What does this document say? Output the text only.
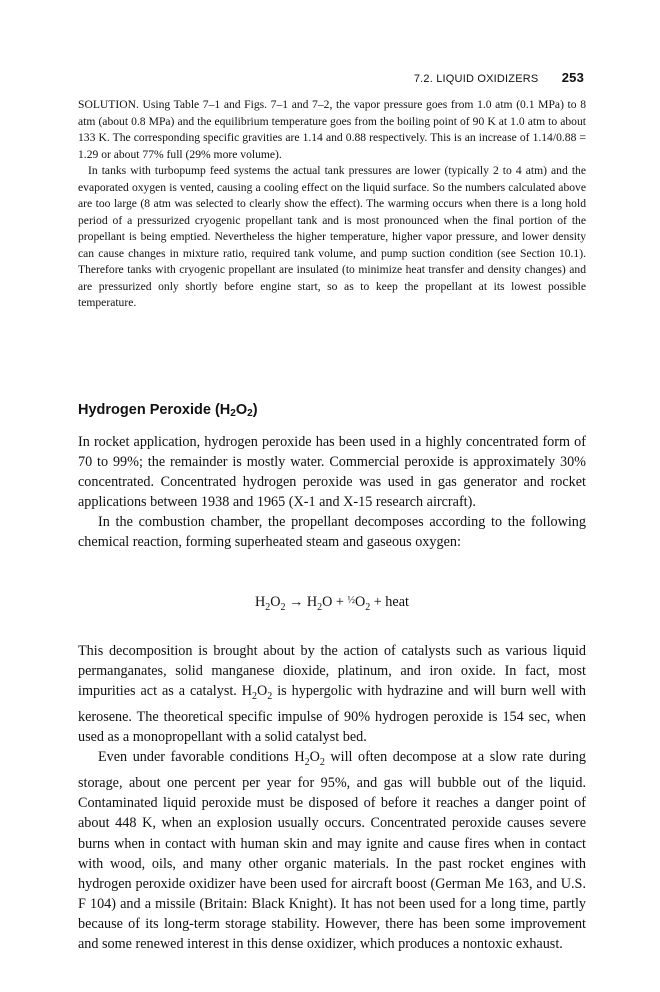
7.2. LIQUID OXIDIZERS 253

SOLUTION. Using Table 7–1 and Figs. 7–1 and 7–2, the vapor pressure goes from 1.0 atm (0.1 MPa) to 8 atm (about 0.8 MPa) and the equilibrium temperature goes from the boiling point of 90 K at 1.0 atm to about 133 K. The corresponding specific gravities are 1.14 and 0.88 respectively. This is an increase of 1.14/0.88 = 1.29 or about 77% full (29% more volume).

In tanks with turbopump feed systems the actual tank pressures are lower (typically 2 to 4 atm) and the evaporated oxygen is vented, causing a cooling effect on the liquid surface. So the numbers calculated above are too large (8 atm was selected to clearly show the effect). The warming occurs when there is a long hold period of a pressurized cryogenic propellant tank and is most pronounced when the final portion of the propellant is being emptied. Nevertheless the higher temperature, higher vapor pressure, and lower density can cause changes in mixture ratio, required tank volume, and pump suction condition (see Section 10.1). Therefore tanks with cryogenic propellant are insulated (to minimize heat transfer and density changes) and are pressurized only shortly before engine start, so as to keep the propellant at its lowest possible temperature.

Hydrogen Peroxide $(H_2O_2)$

In rocket application, hydrogen peroxide has been used in a highly concentrated form of 70 to 99%; the remainder is mostly water. Commercial peroxide is approximately 30% concentrated. Concentrated hydrogen peroxide was used in gas generator and rocket applications between 1938 and 1965 (X-1 and X-15 research aircraft).

In the combustion chamber, the propellant decomposes according to the following chemical reaction, forming superheated steam and gaseous oxygen:

$H_2O_2 \to H_2O$ + $\frac{1}{2}O_2$ + heat

This decomposition is brought about by the action of catalysts such as various liquid permanganates, solid manganese dioxide, platinum, and iron oxide. In fact, most impurities act as a catalyst. $H_2O_2$ is hypergolic with hydrazine and will burn well with kerosene. The theoretical specific impulse of 90% hydrogen peroxide is 154 sec, when used as a monopropellant with a solid catalyst bed.

Even under favorable conditions $H_2O_2$ will often decompose at a slow rate during storage, about one percent per year for 95%, and gas will bubble out of the liquid. Contaminated liquid peroxide must be disposed of before it reaches a danger point of about 448 K, when an explosion usually occurs. Concentrated peroxide causes severe burns when in contact with human skin and may ignite and cause fires when in contact with wood, oils, and many other organic materials. In the past rocket engines with hydrogen peroxide oxidizer have been used for aircraft boost (German Me 163, and U.S. F 104) and a missile (Britain: Black Knight). It has not been used for a long time, partly because of its long-term storage stability. However, there has been some improvement and some renewed interest in this dense oxidizer, which produces a nontoxic exhaust.
